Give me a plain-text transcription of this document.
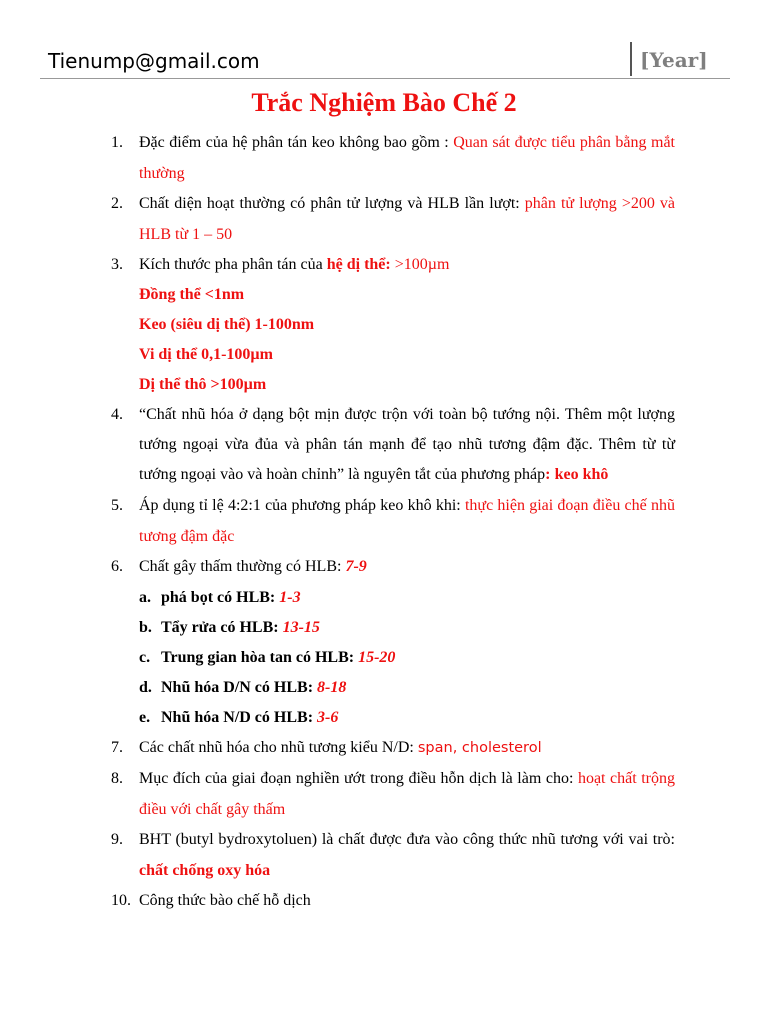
Tienump@gmail.com	[Year]
Trắc Nghiệm Bào Chế 2
1.	Đặc điểm của hệ phân tán keo không bao gồm : Quan sát được tiểu phân bằng mắt thường
2.	Chất diện hoạt thường có phân tử lượng và HLB lần lượt: phân tử lượng >200 và HLB từ 1 – 50
3.	Kích thước pha phân tán của hệ dị thể: >100µm
Đồng thể <1nm
Keo (siêu dị thể) 1-100nm
Vi dị thể 0,1-100µm
Dị thể thô >100µm
4.	“Chất nhũ hóa ở dạng bột mịn được trộn với toàn bộ tướng nội. Thêm một lượng tướng ngoại vừa đủa và phân tán mạnh để tạo nhũ tương đậm đặc. Thêm từ từ tướng ngoại vào và hoàn chỉnh” là nguyên tắt của phương pháp: keo khô
5.	Áp dụng tỉ lệ 4:2:1 của phương pháp keo khô khi: thực hiện giai đoạn điều chế nhũ tương đậm đặc
6.	Chất gây thấm thường có HLB: 7-9
a. phá bọt có HLB: 1-3
b. Tẩy rửa có HLB: 13-15
c. Trung gian hòa tan có HLB: 15-20
d. Nhũ hóa D/N có HLB: 8-18
e. Nhũ hóa N/D có HLB: 3-6
7.	Các chất nhũ hóa cho nhũ tương kiểu N/D: span, cholesterol
8.	Mục đích của giai đoạn nghiền ướt trong điều hỗn dịch là làm cho: hoạt chất trộng điều với chất gây thấm
9.	BHT (butyl bydroxytoluen) là chất được đưa vào công thức nhũ tương với vai trò: chất chống oxy hóa
10. Công thức bào chế hỗ dịch
